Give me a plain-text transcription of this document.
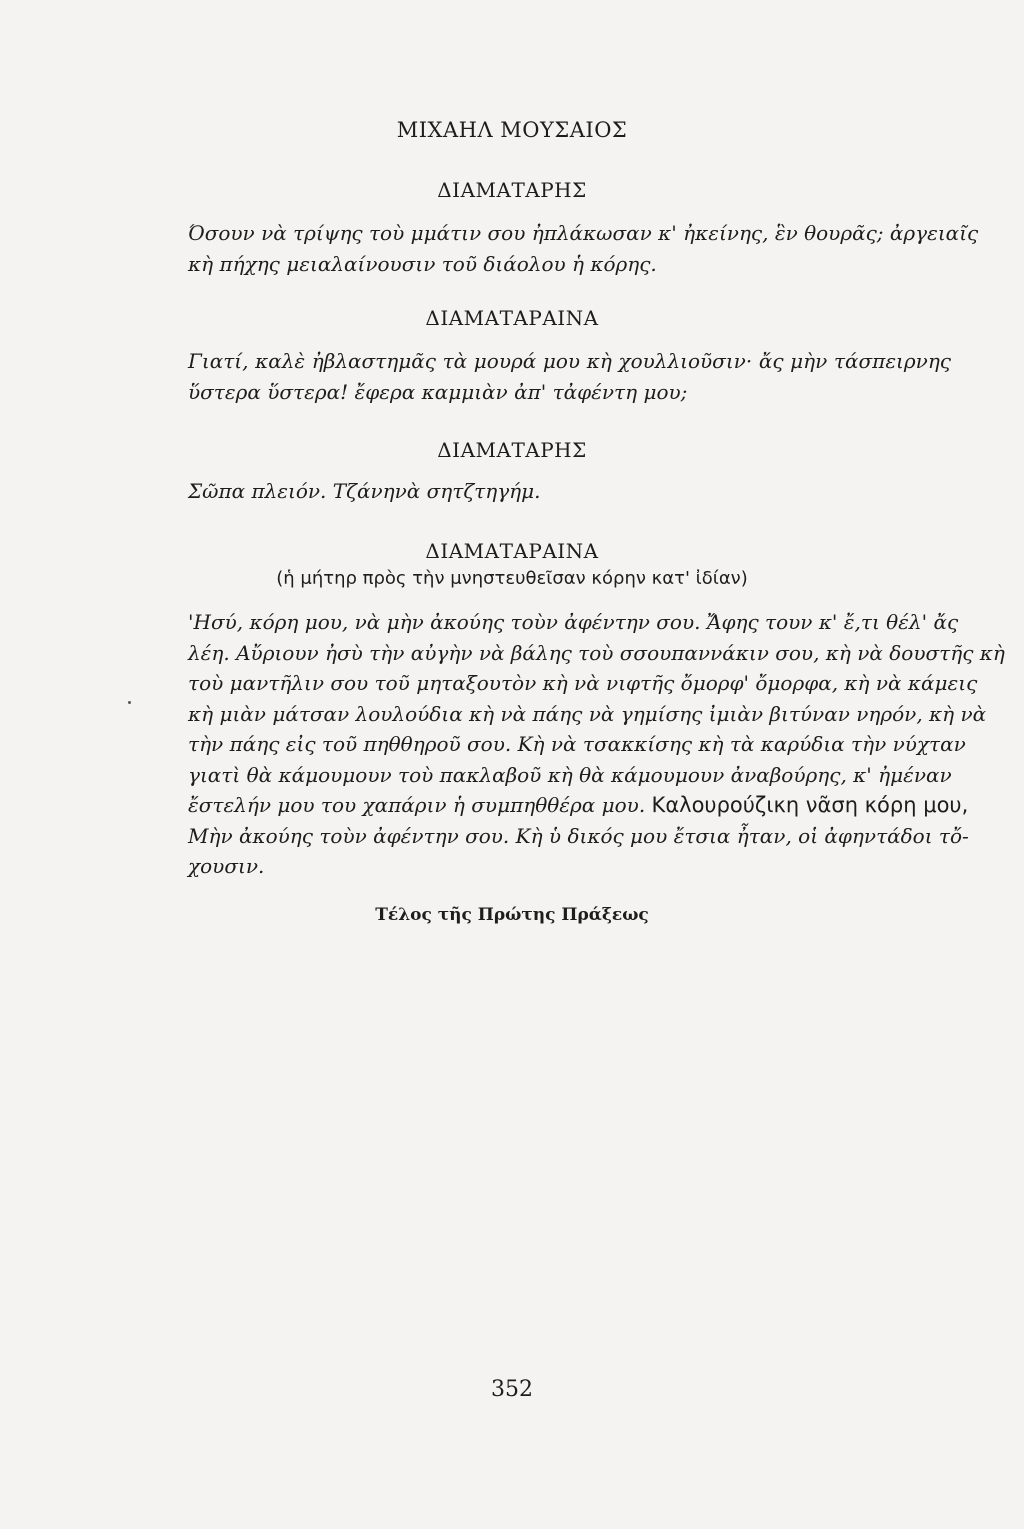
ΜΙΧΑΗΛ ΜΟΥΣΑΙΟΣ
ΔΙΑΜΑΤΑΡΗΣ
Όσουν νὰ τρίψης τοὺ μμάτιν σου ἠπλάκωσαν κ' ἠκείνης, ἓν θουρᾶς; ἀργειαῖς
κὴ πήχης μειαλαίνουσιν τοῦ διάολου ἡ κόρης.
ΔΙΑΜΑΤΑΡΑΙΝΑ
Γιατί, καλὲ ἠβλαστημᾶς τὰ μουρά μου κὴ χουλλιοῦσιν· ἄς μὴν τάσπειρνης
ὕστερα ὕστερα! ἔφερα καμμιὰν ἀπ' τἀφέντη μου;
ΔΙΑΜΑΤΑΡΗΣ
Σῶπα πλειόν. Τζάνηνὰ σητζτηγήμ.
ΔΙΑΜΑΤΑΡΑΙΝΑ
(ἡ μήτηρ πρὸς τὴν μνηστευθεῖσαν κόρην κατ' ἰδίαν)
'Ησύ, κόρη μου, νὰ μὴν ἀκούης τοὺν ἀφέντην σου. Ἄφης τουν κ' ἔ,τι θέλ' ἄς
λέη. Αὔριουν ἠσὺ τὴν αὐγὴν νὰ βάλης τοὺ σσουπαννάκιν σου, κὴ νὰ δουστῆς κὴ
τοὺ μαντῆλιν σου τοῦ μηταξουτὸν κὴ νὰ νιφτῆς ὄμορφ' ὄμορφα, κὴ νὰ κάμεις
κὴ μιὰν μάτσαν λουλούδια κὴ νὰ πάης νὰ γημίσης ἰμιὰν βιτύναν νηρόν, κὴ νὰ
τὴν πάης εἰς τοῦ πηθθηροῦ σου. Κὴ νὰ τσακκίσης κὴ τὰ καρύδια τὴν νύχταν
γιατὶ θὰ κάμουμουν τοὺ πακλαβοῦ κὴ θὰ κάμουμουν ἀναβούρης, κ' ἠμέναν
ἔστελήν μου του χαπάριν ἡ συμπηθθέρα μου. Καλουρούζικη νᾶση κόρη μου,
Μὴν ἀκούης τοὺν ἀφέντην σου. Κὴ ὑ δικός μου ἔτσια ἦταν, οἱ ἀφηντάδοι τὄ-
χουσιν.
Τέλος τῆς Πρώτης Πράξεως
352
